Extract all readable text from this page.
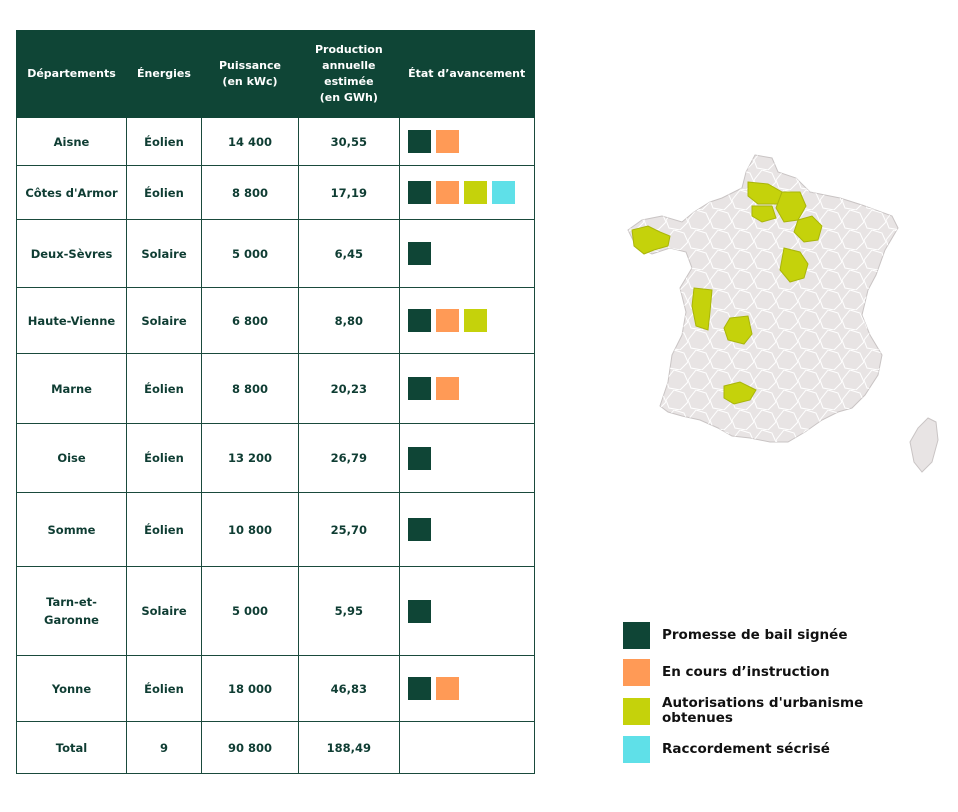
Départements	Énergies	Puissance (en kWc)	Production annuelle estimée (en GWh)	État d’avancement
Aisne	Éolien	14 400	30,55	
Côtes d'Armor	Éolien	8 800	17,19	
Deux-Sèvres	Solaire	5 000	6,45	
Haute-Vienne	Solaire	6 800	8,80	
Marne	Éolien	8 800	20,23	
Oise	Éolien	13 200	26,79	
Somme	Éolien	10 800	25,70	
Tarn-et-Garonne	Solaire	5 000	5,95	
Yonne	Éolien	18 000	46,83	
Total	9	90 800	188,49	
Promesse de bail signée
En cours d’instruction
Autorisations d'urbanisme obtenues
Raccordement sécrisé
